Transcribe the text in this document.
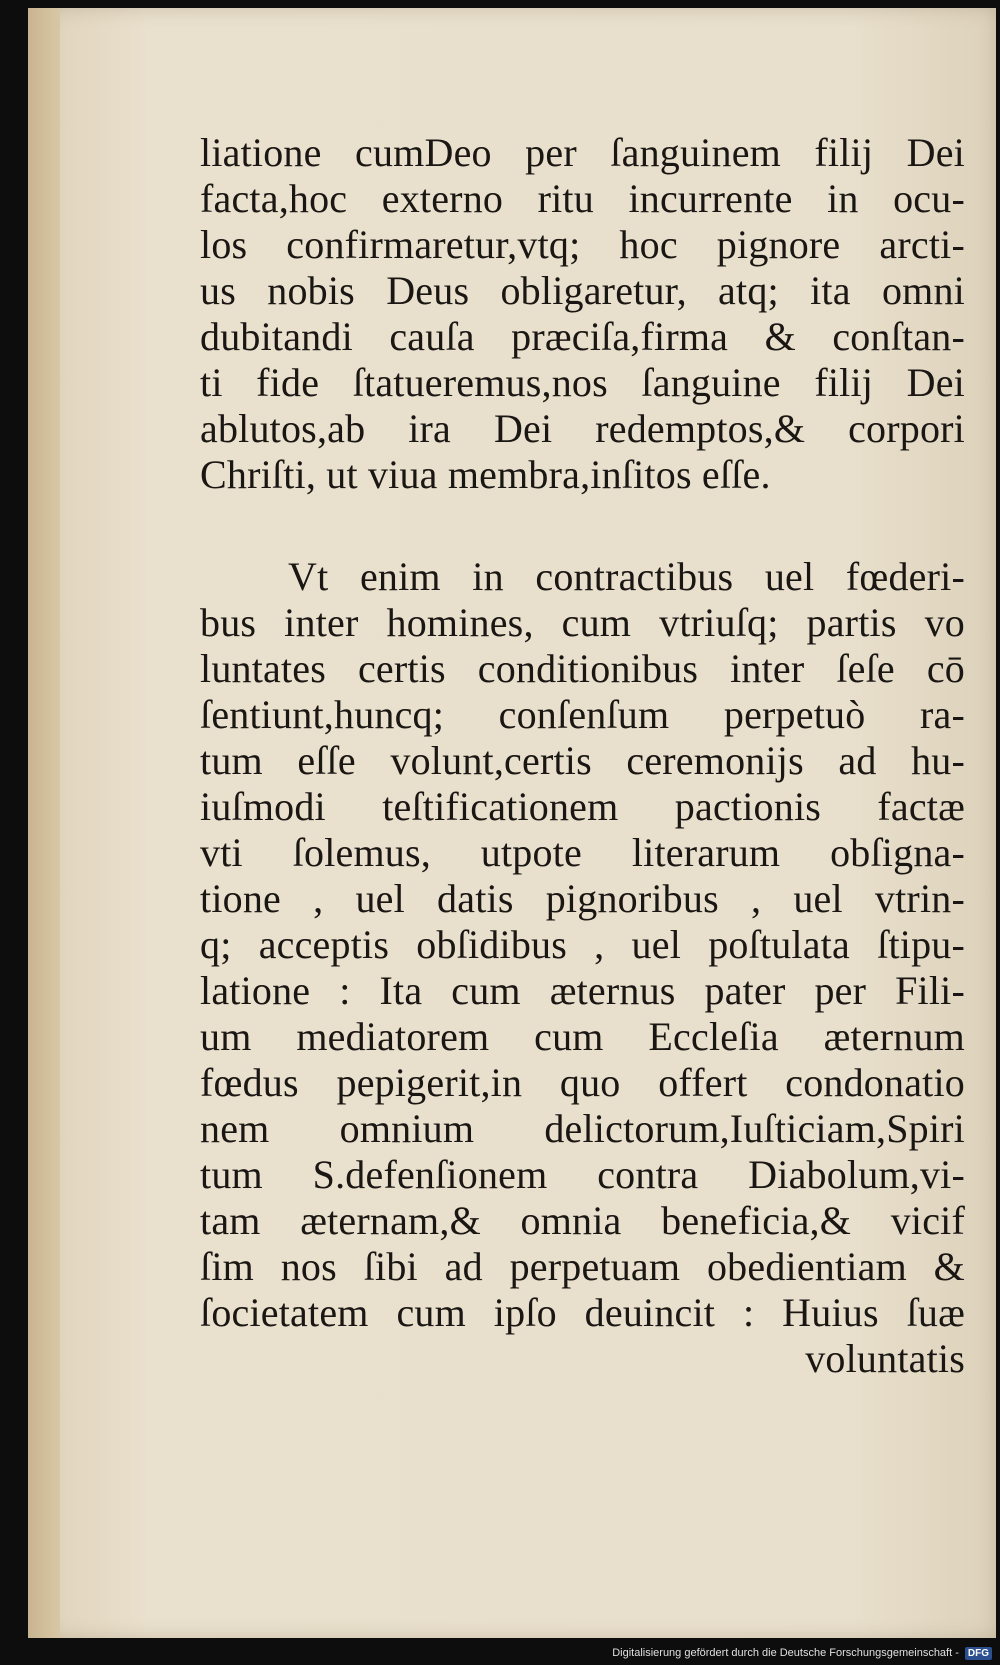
liatione cumDeo per ſanguinem filij Dei
facta,hoc externo ritu incurrente in ocu-
los confirmaretur,vtq; hoc pignore arcti-
us nobis Deus obligaretur, atq; ita omni
dubitandi cauſa præciſa,firma & conſtan-
ti fide ſtatueremus,nos ſanguine filij Dei
ablutos,ab ira Dei redemptos,& corpori
Chriſti, ut viua membra,inſitos eſſe.
Vt enim in contractibus uel fœderi-
bus inter homines, cum vtriuſq; partis vo
luntates certis conditionibus inter ſeſe cō
ſentiunt,huncq; conſenſum perpetuò ra-
tum eſſe volunt,certis ceremonijs ad hu-
iuſmodi teſtificationem pactionis factæ
vti ſolemus, utpote literarum obſigna-
tione , uel datis pignoribus , uel vtrin-
q; acceptis obſidibus , uel poſtulata ſtipu-
latione : Ita cum æternus pater per Fili-
um mediatorem cum Eccleſia æternum
fœdus pepigerit,in quo offert condonatio
nem omnium delictorum,Iuſticiam,Spiri
tum S.defenſionem contra Diabolum,vi-
tam æternam,& omnia beneficia,& vicif
ſim nos ſibi ad perpetuam obedientiam &
ſocietatem cum ipſo deuincit : Huius ſuæ
voluntatis
Digitalisierung gefördert durch die Deutsche Forschungsgemeinschaft - DFG
